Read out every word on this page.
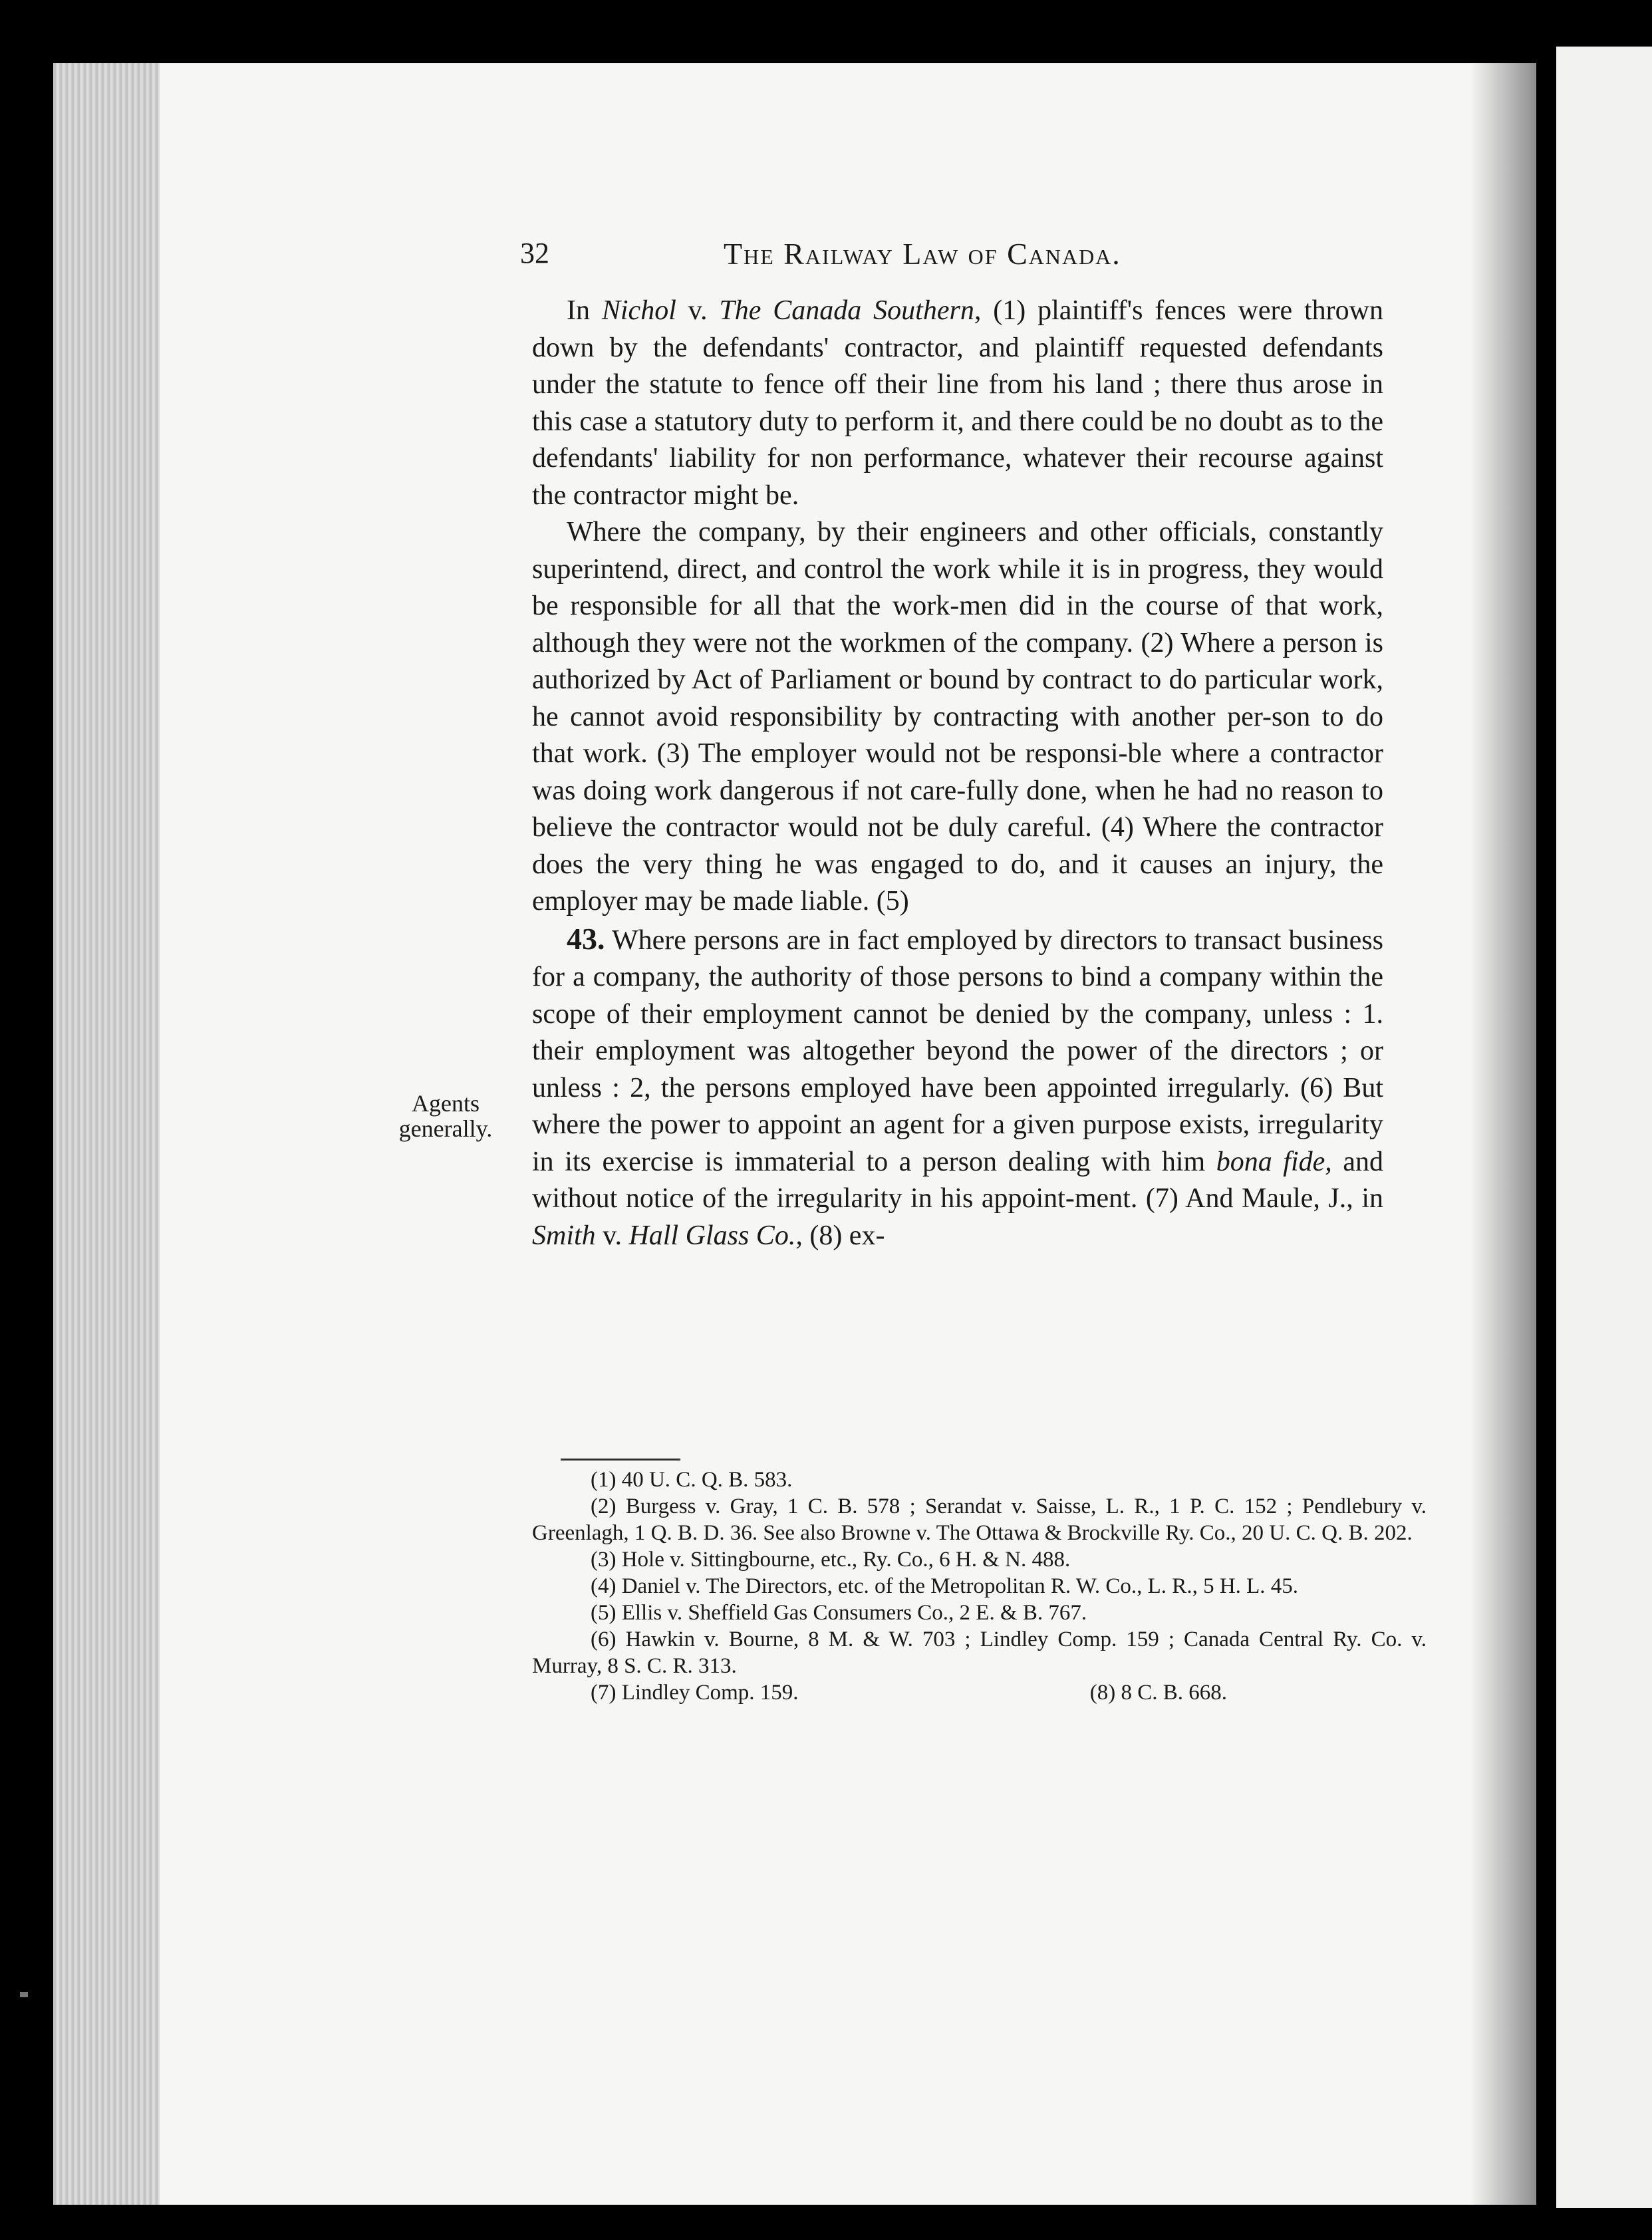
32	The Railway Law of Canada.

In Nichol v. The Canada Southern, (1) plaintiff's fences were thrown down by the defendants' contractor, and plaintiff requested defendants under the statute to fence off their line from his land ; there thus arose in this case a statutory duty to perform it, and there could be no doubt as to the defendants' liability for non performance, whatever their recourse against the contractor might be.

Where the company, by their engineers and other officials, constantly superintend, direct, and control the work while it is in progress, they would be responsible for all that the work-men did in the course of that work, although they were not the workmen of the company. (2) Where a person is authorized by Act of Parliament or bound by contract to do particular work, he cannot avoid responsibility by contracting with another per-son to do that work. (3) The employer would not be responsi-ble where a contractor was doing work dangerous if not care-fully done, when he had no reason to believe the contractor would not be duly careful. (4) Where the contractor does the very thing he was engaged to do, and it causes an injury, the employer may be made liable. (5)

43. Where persons are in fact employed by directors to transact business for a company, the authority of those persons to bind a company within the scope of their employment cannot be denied by the company, unless : 1. their employment was altogether beyond the power of the directors ; or unless : 2, the persons employed have been appointed irregularly. (6) But where the power to appoint an agent for a given purpose exists, irregularity in its exercise is immaterial to a person dealing with him bona fide, and without notice of the irregularity in his appoint-ment. (7) And Maule, J., in Smith v. Hall Glass Co., (8) ex-

Agents
generally.

(1) 40 U. C. Q. B. 583.

(2) Burgess v. Gray, 1 C. B. 578 ; Serandat v. Saisse, L. R., 1 P. C. 152 ; Pendlebury v. Greenlagh, 1 Q. B. D. 36. See also Browne v. The Ottawa & Brockville Ry. Co., 20 U. C. Q. B. 202.

(3) Hole v. Sittingbourne, etc., Ry. Co., 6 H. & N. 488.

(4) Daniel v. The Directors, etc. of the Metropolitan R. W. Co., L. R., 5 H. L. 45.

(5) Ellis v. Sheffield Gas Consumers Co., 2 E. & B. 767.

(6) Hawkin v. Bourne, 8 M. & W. 703 ; Lindley Comp. 159 ; Canada Central Ry. Co. v. Murray, 8 S. C. R. 313.

(7) Lindley Comp. 159.	(8) 8 C. B. 668.
